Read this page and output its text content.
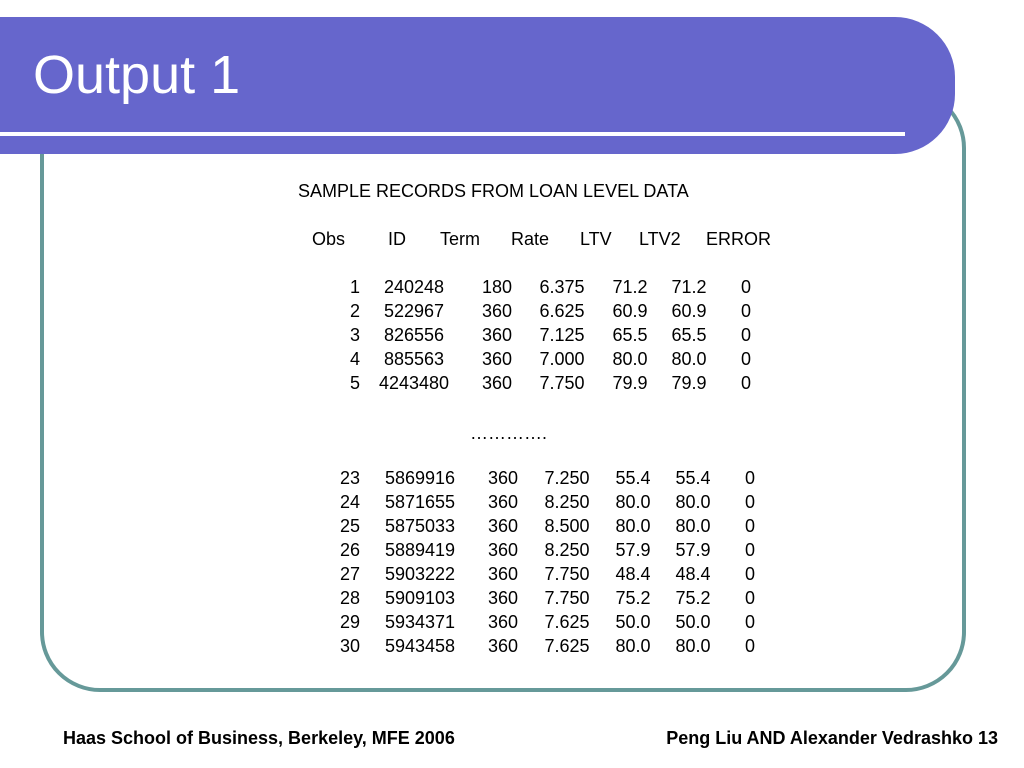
Output 1
SAMPLE RECORDS FROM LOAN LEVEL DATA
Obs ID Term Rate LTV LTV2 ERROR
1 240248 180 6.375 71.2 71.2 0
2 522967 360 6.625 60.9 60.9 0
3 826556 360 7.125 65.5 65.5 0
4 885563 360 7.000 80.0 80.0 0
5 4243480 360 7.750 79.9 79.9 0
………….
23 5869916 360 7.250 55.4 55.4 0
24 5871655 360 8.250 80.0 80.0 0
25 5875033 360 8.500 80.0 80.0 0
26 5889419 360 8.250 57.9 57.9 0
27 5903222 360 7.750 48.4 48.4 0
28 5909103 360 7.750 75.2 75.2 0
29 5934371 360 7.625 50.0 50.0 0
30 5943458 360 7.625 80.0 80.0 0
Haas School of Business, Berkeley, MFE 2006	Peng Liu AND Alexander Vedrashko 13
